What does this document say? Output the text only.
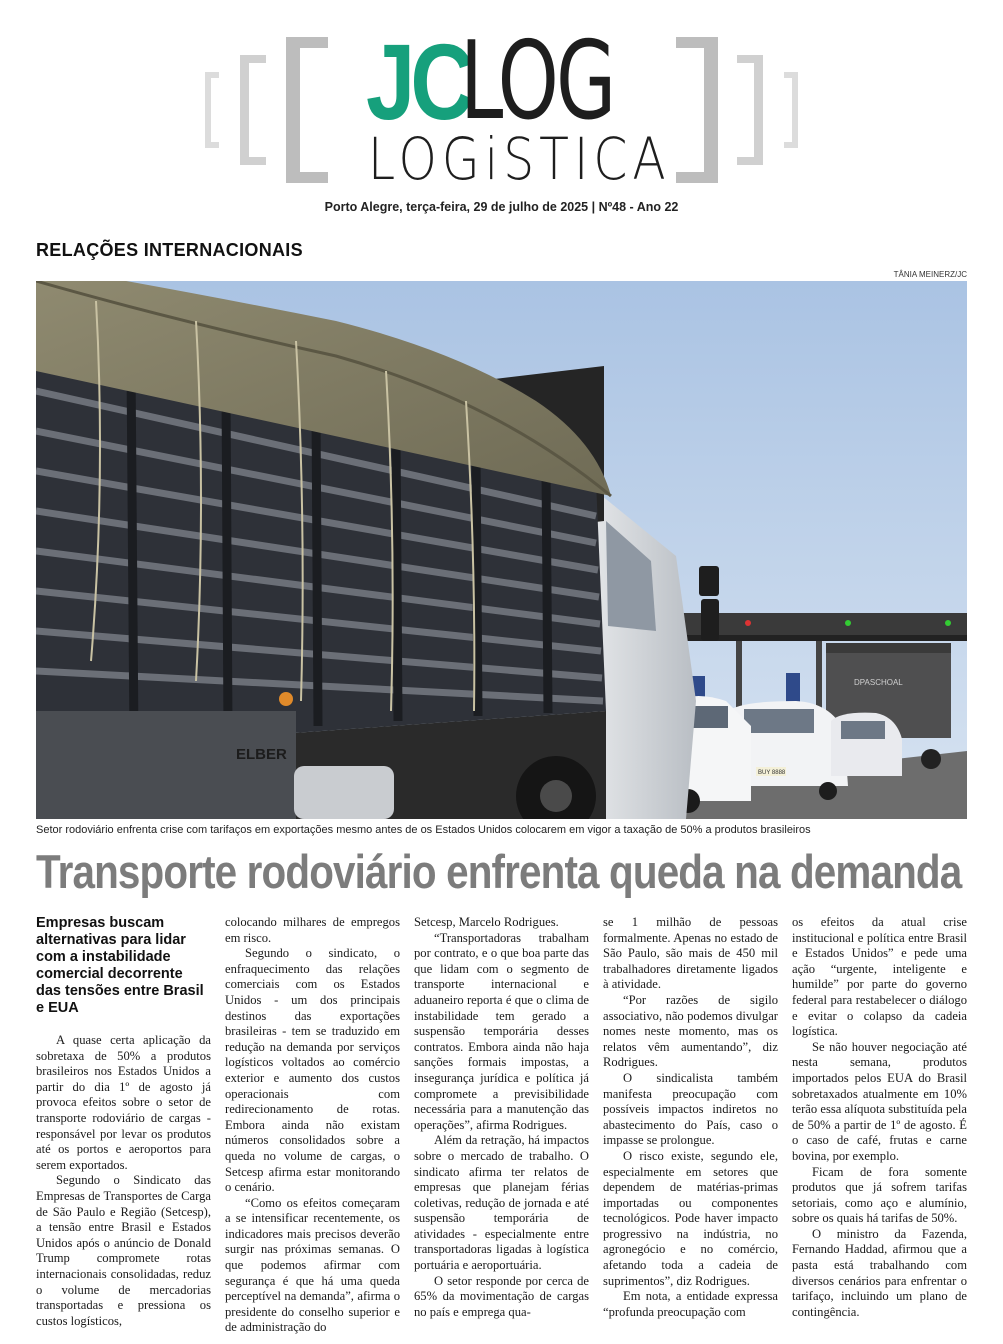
JC
LOG
LOGiSTICA
Porto Alegre, terça-feira, 29 de julho de 2025 | Nº48 - Ano 22
RELAÇÕES INTERNACIONAIS
TÂNIA MEINERZ/JC
DPASCHOAL
BUY 8888
ELBER
Setor rodoviário enfrenta crise com tarifaços em exportações mesmo antes de os Estados Unidos colocarem em vigor a taxação de 50% a produtos brasileiros
Transporte rodoviário enfrenta queda na demanda
Empresas buscam alternativas para lidar com a instabilidade comercial decorrente das tensões entre Brasil e EUA

A quase certa aplicação da sobretaxa de 50% a produtos brasileiros nos Estados Unidos a partir do dia 1º de agosto já provoca efeitos sobre o setor de transporte rodoviário de cargas - responsável por levar os produtos até os portos e aeroportos para serem exportados.

Segundo o Sindicato das Empresas de Transportes de Carga de São Paulo e Região (Setcesp), a tensão entre Brasil e Estados Unidos após o anúncio de Donald Trump compromete rotas internacionais consolidadas, reduz o volume de mercadorias transportadas e pressiona os custos logísticos,

colocando milhares de empregos em risco.

Segundo o sindicato, o enfraquecimento das relações comerciais com os Estados Unidos - um dos principais destinos das exportações brasileiras - tem se traduzido em redução na demanda por serviços logísticos voltados ao comércio exterior e aumento dos custos operacionais com redirecionamento de rotas. Embora ainda não existam números consolidados sobre a queda no volume de cargas, o Setcesp afirma estar monitorando o cenário.

“Como os efeitos começaram a se intensificar recentemente, os indicadores mais precisos deverão surgir nas próximas semanas. O que podemos afirmar com segurança é que há uma queda perceptível na demanda”, afirma o presidente do conselho superior e de administração do

Setcesp, Marcelo Rodrigues.

“Transportadoras trabalham por contrato, e o que boa parte das que lidam com o segmento de transporte internacional e aduaneiro reporta é que o clima de instabilidade tem gerado a suspensão temporária desses contratos. Embora ainda não haja sanções formais impostas, a insegurança jurídica e política já compromete a previsibilidade necessária para a manutenção das operações”, afirma Rodrigues.

Além da retração, há impactos sobre o mercado de trabalho. O sindicato afirma ter relatos de empresas que planejam férias coletivas, redução de jornada e até suspensão temporária de atividades - especialmente entre transportadoras ligadas à logística portuária e aeroportuária.

O setor responde por cerca de 65% da movimentação de cargas no país e emprega qua-

se 1 milhão de pessoas formalmente. Apenas no estado de São Paulo, são mais de 450 mil trabalhadores diretamente ligados à atividade.

“Por razões de sigilo associativo, não podemos divulgar nomes neste momento, mas os relatos vêm aumentando”, diz Rodrigues.

O sindicalista também manifesta preocupação com possíveis impactos indiretos no abastecimento do País, caso o impasse se prolongue.

O risco existe, segundo ele, especialmente em setores que dependem de matérias-primas importadas ou componentes tecnológicos. Pode haver impacto progressivo na indústria, no agronegócio e no comércio, afetando toda a cadeia de suprimentos”, diz Rodrigues.

Em nota, a entidade expressa “profunda preocupação com

os efeitos da atual crise institucional e política entre Brasil e Estados Unidos” e pede uma ação “urgente, inteligente e humilde” por parte do governo federal para restabelecer o diálogo e evitar o colapso da cadeia logística.

Se não houver negociação até nesta semana, produtos importados pelos EUA do Brasil sobretaxados atualmente em 10% terão essa alíquota substituída pela de 50% a partir de 1º de agosto. É o caso de café, frutas e carne bovina, por exemplo.

Ficam de fora somente produtos que já sofrem tarifas setoriais, como aço e alumínio, sobre os quais há tarifas de 50%.

O ministro da Fazenda, Fernando Haddad, afirmou que a pasta está trabalhando com diversos cenários para enfrentar o tarifaço, incluindo um plano de contingência.
